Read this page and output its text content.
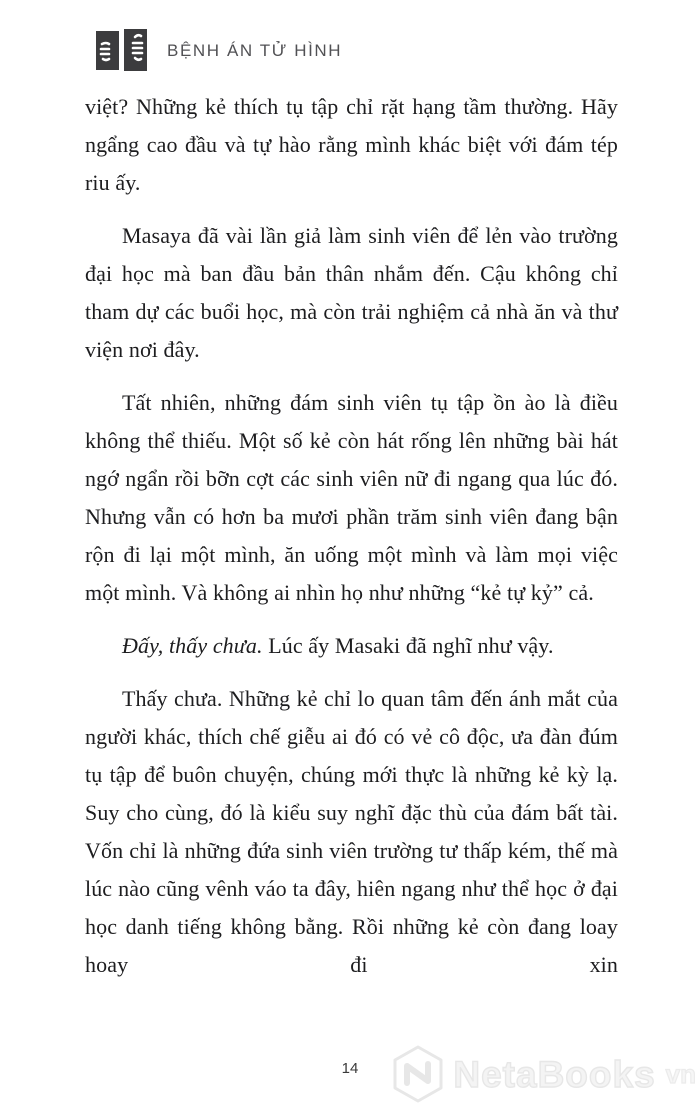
BỆNH ÁN TỬ HÌNH

việt? Những kẻ thích tụ tập chỉ rặt hạng tầm thường. Hãy ngẩng cao đầu và tự hào rằng mình khác biệt với đám tép riu ấy.

Masaya đã vài lần giả làm sinh viên để lẻn vào trường đại học mà ban đầu bản thân nhắm đến. Cậu không chỉ tham dự các buổi học, mà còn trải nghiệm cả nhà ăn và thư viện nơi đây.

Tất nhiên, những đám sinh viên tụ tập ồn ào là điều không thể thiếu. Một số kẻ còn hát rống lên những bài hát ngớ ngẩn rồi bỡn cợt các sinh viên nữ đi ngang qua lúc đó. Nhưng vẫn có hơn ba mươi phần trăm sinh viên đang bận rộn đi lại một mình, ăn uống một mình và làm mọi việc một mình. Và không ai nhìn họ như những “kẻ tự kỷ” cả.

Đấy, thấy chưa. Lúc ấy Masaki đã nghĩ như vậy.

Thấy chưa. Những kẻ chỉ lo quan tâm đến ánh mắt của người khác, thích chế giễu ai đó có vẻ cô độc, ưa đàn đúm tụ tập để buôn chuyện, chúng mới thực là những kẻ kỳ lạ. Suy cho cùng, đó là kiểu suy nghĩ đặc thù của đám bất tài. Vốn chỉ là những đứa sinh viên trường tư thấp kém, thế mà lúc nào cũng vênh váo ta đây, hiên ngang như thể học ở đại học danh tiếng không bằng. Rồi những kẻ còn đang loay hoay đi xin

14	NetaBooks vn
